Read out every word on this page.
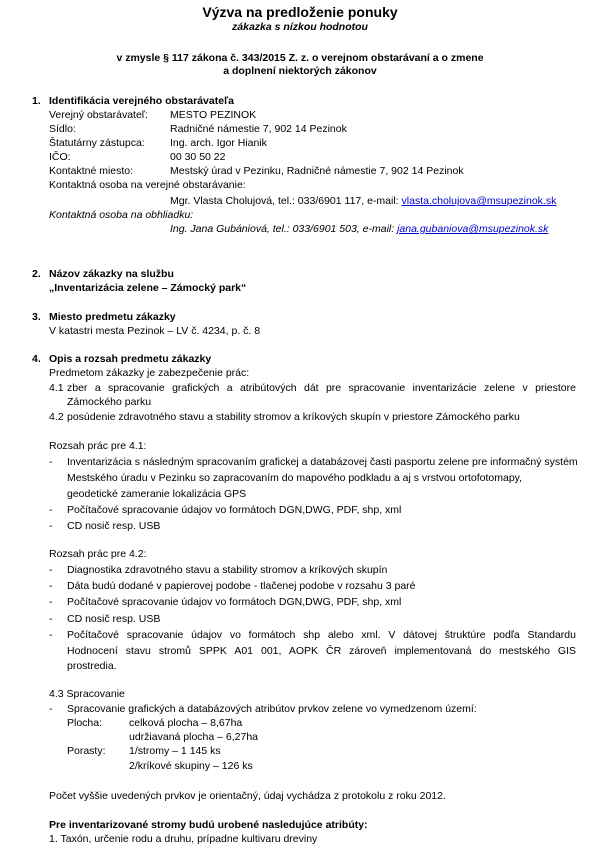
Výzva na predloženie ponuky
zákazka s nízkou hodnotou
v zmysle § 117 zákona č. 343/2015 Z. z. o verejnom obstarávaní a o zmene
a doplnení niektorých zákonov
1. Identifikácia verejného obstarávateľa
Verejný obstarávateľ: MESTO PEZINOK
Sídlo:	Radničné námestie 7, 902 14 Pezinok
Štatutárny zástupca: Ing. arch. Igor Hianik
IČO:	00 30 50 22
Kontaktné miesto:	Mestský úrad v Pezinku, Radničné námestie 7, 902 14 Pezinok
Kontaktná osoba na verejné obstarávanie:
Mgr. Vlasta Cholujová, tel.: 033/6901 117, e-mail: vlasta.cholujova@msupezinok.sk
Kontaktná osoba na obhliadku:
Ing. Jana Gubániová, tel.: 033/6901 503, e-mail: jana.gubaniova@msupezinok.sk
2. Názov zákazky na službu
„Inventarizácia zelene – Zámocký park“
3. Miesto predmetu zákazky
V katastri mesta Pezinok – LV č. 4234, p. č. 8
4. Opis a rozsah predmetu zákazky
Predmetom zákazky je zabezpečenie prác:
4.1 zber a spracovanie grafických a atribútových dát pre spracovanie inventarizácie zelene v priestore
Zámockého parku
4.2 posúdenie zdravotného stavu a stability stromov a kríkových skupín v priestore Zámockého parku
Rozsah prác pre 4.1:
- Inventarizácia s následným spracovaním grafickej a databázovej časti pasportu zelene pre informačný systém
Mestského úradu v Pezinku so zapracovaním do mapového podkladu a aj s vrstvou ortofotomapy,
geodetické zameranie lokalizácia GPS
- Počítačové spracovanie údajov vo formátoch DGN,DWG, PDF, shp, xml
- CD nosič resp. USB
Rozsah prác pre 4.2:
- Diagnostika zdravotného stavu a stability stromov a kríkových skupín
- Dáta budú dodané v papierovej podobe - tlačenej podobe v rozsahu 3 paré
- Počítačové spracovanie údajov vo formátoch DGN,DWG, PDF, shp, xml
- CD nosič resp. USB
- Počítačové spracovanie údajov vo formátoch shp alebo xml. V dátovej štruktúre podľa Standardu
Hodnocení stavu stromů SPPK A01 001, AOPK ČR zároveň implementovaná do mestského GIS
prostredia.
4.3 Spracovanie
- Spracovanie grafických a databázových atribútov prvkov zelene vo vymedzenom území:
Plocha:	celková plocha – 8,67ha
udržiavaná plocha – 6,27ha
Porasty: 1/stromy – 1 145 ks
2/kríkové skupiny – 126 ks
Počet vyššie uvedených prvkov je orientačný, údaj vychádza z protokolu z roku 2012.
Pre inventarizované stromy budú urobené nasledujúce atribúty:
1. Taxón, určenie rodu a druhu, prípadne kultivaru dreviny
